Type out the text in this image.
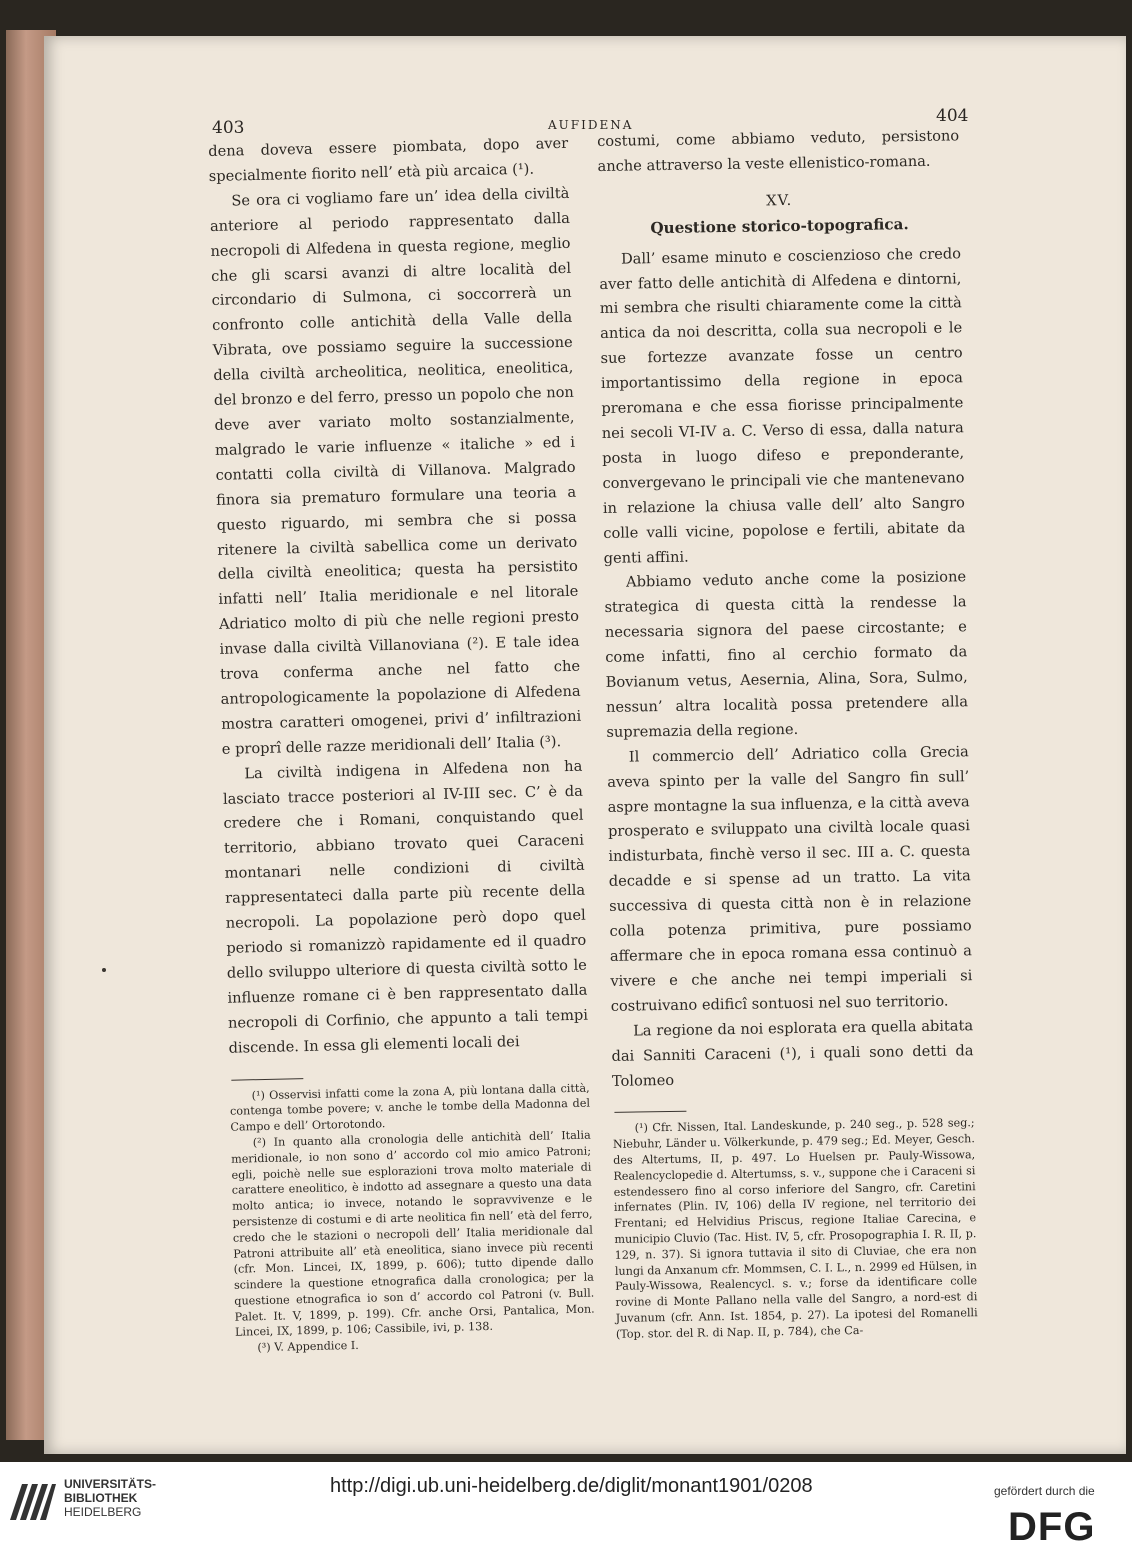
403	AUFIDENA	404

dena doveva essere piombata, dopo aver specialmente fiorito nell’ età più arcaica (¹).

Se ora ci vogliamo fare un’ idea della civiltà anteriore al periodo rappresentato dalla necropoli di Alfedena in questa regione, meglio che gli scarsi avanzi di altre località del circondario di Sulmona, ci soccorrerà un confronto colle antichità della Valle della Vibrata, ove possiamo seguire la successione della civiltà archeolitica, neolitica, eneolitica, del bronzo e del ferro, presso un popolo che non deve aver variato molto sostanzialmente, malgrado le varie influenze « italiche » ed i contatti colla civiltà di Villanova. Malgrado finora sia prematuro formulare una teoria a questo riguardo, mi sembra che si possa ritenere la civiltà sabellica come un derivato della civiltà eneolitica; questa ha persistito infatti nell’ Italia meridionale e nel litorale Adriatico molto di più che nelle regioni presto invase dalla civiltà Villanoviana (²). E tale idea trova conferma anche nel fatto che antropologicamente la popolazione di Alfedena mostra caratteri omogenei, privi d’ infiltrazioni e proprî delle razze meridionali dell’ Italia (³).

La civiltà indigena in Alfedena non ha lasciato tracce posteriori al IV-III sec. C’ è da credere che i Romani, conquistando quel territorio, abbiano trovato quei Caraceni montanari nelle condizioni di civiltà rappresentateci dalla parte più recente della necropoli. La popolazione però dopo quel periodo si romanizzò rapidamente ed il quadro dello sviluppo ulteriore di questa civiltà sotto le influenze romane ci è ben rappresentato dalla necropoli di Corfinio, che appunto a tali tempi discende. In essa gli elementi locali dei

(¹) Osservisi infatti come la zona A, più lontana dalla città, contenga tombe povere; v. anche le tombe della Madonna del Campo e dell’ Ortorotondo.

(²) In quanto alla cronologia delle antichità dell’ Italia meridionale, io non sono d’ accordo col mio amico Patroni; egli, poichè nelle sue esplorazioni trova molto materiale di carattere eneolitico, è indotto ad assegnare a questo una data molto antica; io invece, notando le sopravvivenze e le persistenze di costumi e di arte neolitica fin nell’ età del ferro, credo che le stazioni o necropoli dell’ Italia meridionale dal Patroni attribuite all’ età eneolitica, siano invece più recenti (cfr. Mon. Lincei, IX, 1899, p. 606); tutto dipende dallo scindere la questione etnografica dalla cronologica; per la questione etnografica io son d’ accordo col Patroni (v. Bull. Palet. It. V, 1899, p. 199). Cfr. anche Orsi, Pantalica, Mon. Lincei, IX, 1899, p. 106; Cassibile, ivi, p. 138.

(³) V. Appendice I.

costumi, come abbiamo veduto, persistono anche attraverso la veste ellenistico-romana.

XV.
Questione storico-topografica.

Dall’ esame minuto e coscienzioso che credo aver fatto delle antichità di Alfedena e dintorni, mi sembra che risulti chiaramente come la città antica da noi descritta, colla sua necropoli e le sue fortezze avanzate fosse un centro importantissimo della regione in epoca preromana e che essa fiorisse principalmente nei secoli VI-IV a. C. Verso di essa, dalla natura posta in luogo difeso e preponderante, convergevano le principali vie che mantenevano in relazione la chiusa valle dell’ alto Sangro colle valli vicine, popolose e fertili, abitate da genti affini.

Abbiamo veduto anche come la posizione strategica di questa città la rendesse la necessaria signora del paese circostante; e come infatti, fino al cerchio formato da Bovianum vetus, Aesernia, Alina, Sora, Sulmo, nessun’ altra località possa pretendere alla supremazia della regione.

Il commercio dell’ Adriatico colla Grecia aveva spinto per la valle del Sangro fin sull’ aspre montagne la sua influenza, e la città aveva prosperato e sviluppato una civiltà locale quasi indisturbata, finchè verso il sec. III a. C. questa decadde e si spense ad un tratto. La vita successiva di questa città non è in relazione colla potenza primitiva, pure possiamo affermare che in epoca romana essa continuò a vivere e che anche nei tempi imperiali si costruivano edificî sontuosi nel suo territorio.

La regione da noi esplorata era quella abitata dai Sanniti Caraceni (¹), i quali sono detti da Tolomeo

(¹) Cfr. Nissen, Ital. Landeskunde, p. 240 seg., p. 528 seg.; Niebuhr, Länder u. Völkerkunde, p. 479 seg.; Ed. Meyer, Gesch. des Altertums, II, p. 497. Lo Huelsen pr. Pauly-Wissowa, Realencyclopedie d. Altertumss, s. v., suppone che i Caraceni si estendessero fino al corso inferiore del Sangro, cfr. Caretini infernates (Plin. IV, 106) della IV regione, nel territorio dei Frentani; ed Helvidius Priscus, regione Italiae Carecina, e municipio Cluvio (Tac. Hist. IV, 5, cfr. Prosopographia I. R. II, p. 129, n. 37). Si ignora tuttavia il sito di Cluviae, che era non lungi da Anxanum cfr. Mommsen, C. I. L., n. 2999 ed Hülsen, in Pauly-Wissowa, Realencycl. s. v.; forse da identificare colle rovine di Monte Pallano nella valle del Sangro, a nord-est di Juvanum (cfr. Ann. Ist. 1854, p. 27). La ipotesi del Romanelli (Top. stor. del R. di Nap. II, p. 784), che Ca-

UNIVERSITÄTS-
BIBLIOTHEK
HEIDELBERG
http://digi.ub.uni-heidelberg.de/diglit/monant1901/0208	gefördert durch die
DFG
